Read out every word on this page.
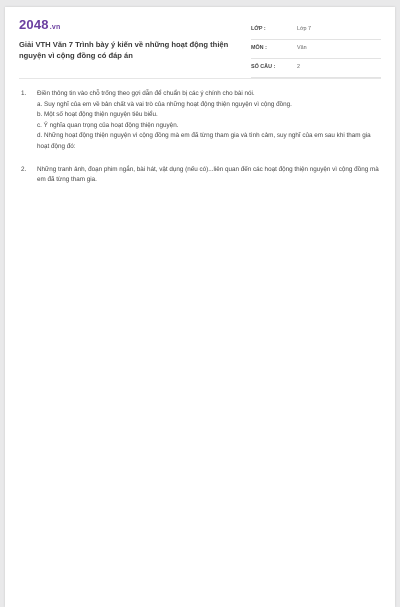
2048.vn
Giải VTH Văn 7 Trình bày ý kiến về những hoạt động thiện nguyện vì cộng đồng có đáp án
LỚP :	Lớp 7
MÔN :	Văn
SỐ CÂU :	2
1. Điền thông tin vào chỗ trống theo gợi dẫn để chuẩn bị các ý chính cho bài nói.
a. Suy nghĩ của em về bản chất và vai trò của những hoạt động thiện nguyện vì cộng đồng.
b. Một số hoạt động thiện nguyện tiêu biểu.
c. Ý nghĩa quan trọng của hoạt động thiện nguyện.
d. Những hoạt động thiện nguyện vì cộng đồng mà em đã từng tham gia và tình cảm, suy nghĩ của em sau khi tham gia hoạt động đó:
2. Những tranh ảnh, đoạn phim ngắn, bài hát, vật dụng (nếu có)...liên quan đến các hoạt động thiện nguyện vì cộng đồng mà em đã từng tham gia.
